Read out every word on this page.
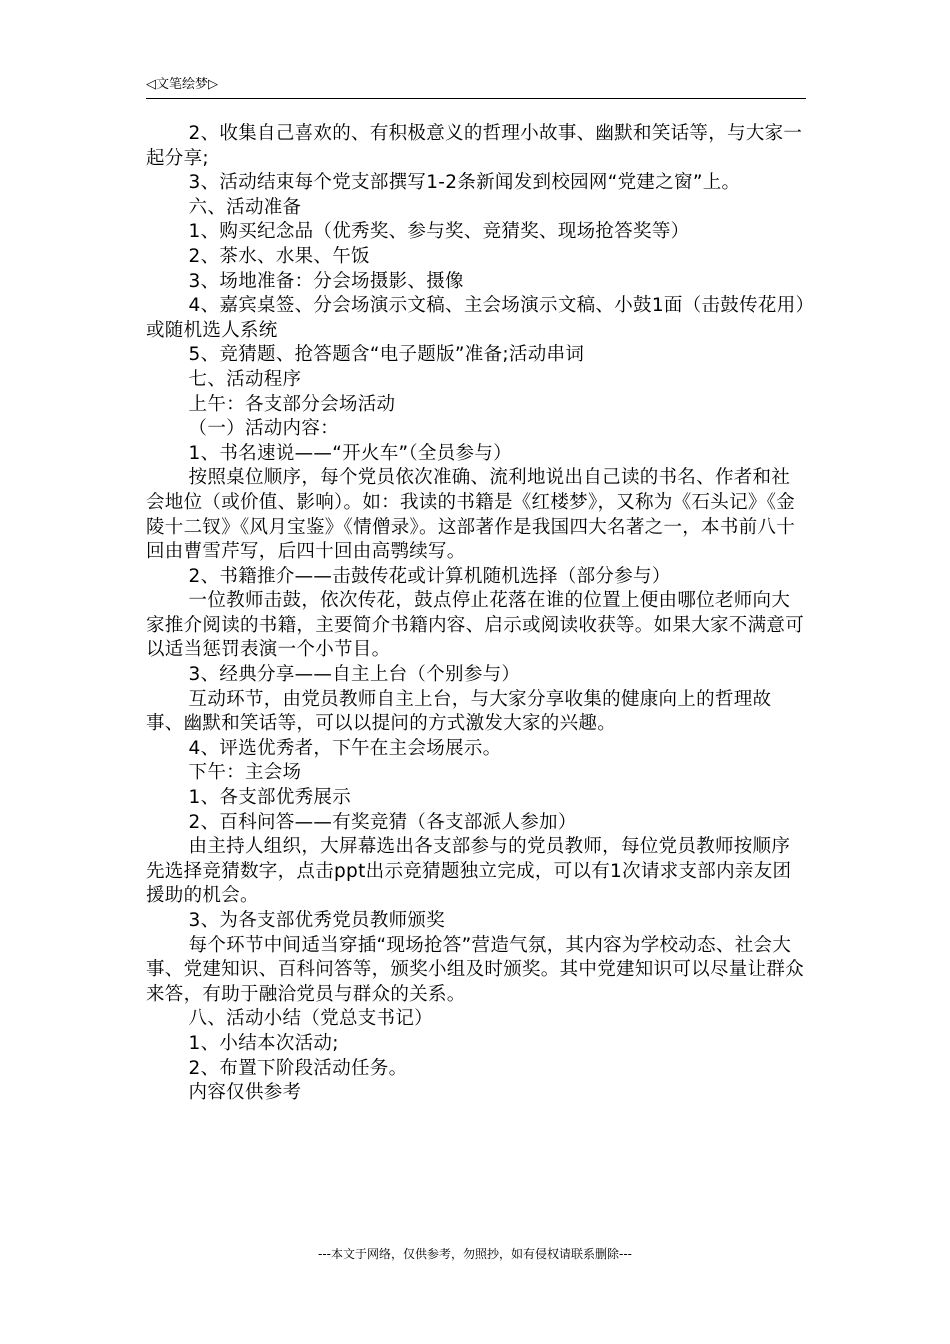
◁文笔绘梦▷

2、收集自己喜欢的、有积极意义的哲理小故事、幽默和笑话等，与大家一起分享;

3、活动结束每个党支部撰写1-2条新闻发到校园网“党建之窗”上。

六、活动准备

1、购买纪念品（优秀奖、参与奖、竞猜奖、现场抢答奖等）

2、茶水、水果、午饭

3、场地准备：分会场摄影、摄像

4、嘉宾桌签、分会场演示文稿、主会场演示文稿、小鼓1面（击鼓传花用）或随机选人系统

5、竞猜题、抢答题含“电子题版”准备;活动串词

七、活动程序

上午：各支部分会场活动

（一）活动内容：

1、书名速说——“开火车”（全员参与）

按照桌位顺序，每个党员依次准确、流利地说出自己读的书名、作者和社会地位（或价值、影响）。如：我读的书籍是《红楼梦》，又称为《石头记》《金陵十二钗》《风月宝鉴》《情僧录》。这部著作是我国四大名著之一，本书前八十回由曹雪芹写，后四十回由高鹗续写。

2、书籍推介——击鼓传花或计算机随机选择（部分参与）

一位教师击鼓，依次传花，鼓点停止花落在谁的位置上便由哪位老师向大家推介阅读的书籍，主要简介书籍内容、启示或阅读收获等。如果大家不满意可以适当惩罚表演一个小节目。

3、经典分享——自主上台（个别参与）

互动环节，由党员教师自主上台，与大家分享收集的健康向上的哲理故事、幽默和笑话等，可以以提问的方式激发大家的兴趣。

4、评选优秀者，下午在主会场展示。

下午：主会场

1、各支部优秀展示

2、百科问答——有奖竞猜（各支部派人参加）

由主持人组织，大屏幕选出各支部参与的党员教师，每位党员教师按顺序先选择竞猜数字，点击ppt出示竞猜题独立完成，可以有1次请求支部内亲友团援助的机会。

3、为各支部优秀党员教师颁奖

每个环节中间适当穿插“现场抢答”营造气氛，其内容为学校动态、社会大事、党建知识、百科问答等，颁奖小组及时颁奖。其中党建知识可以尽量让群众来答，有助于融洽党员与群众的关系。

八、活动小结（党总支书记）

1、小结本次活动;

2、布置下阶段活动任务。

内容仅供参考

---本文于网络，仅供参考，勿照抄，如有侵权请联系删除---
